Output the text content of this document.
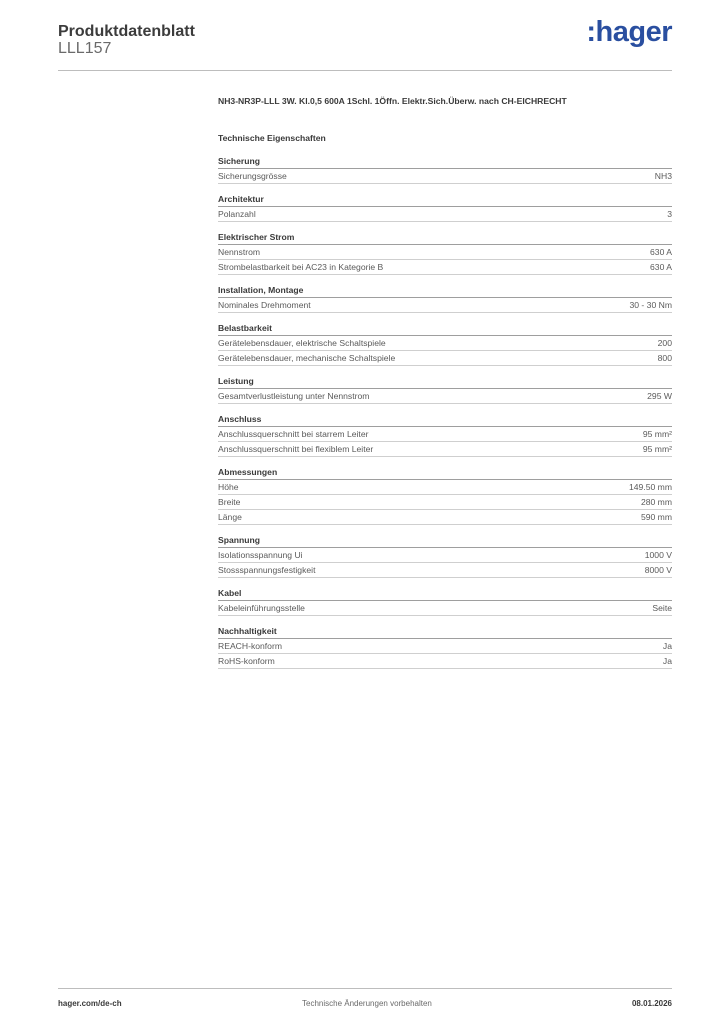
Produktdatenblatt
LLL157
:hager
NH3-NR3P-LLL 3W. Kl.0,5 600A 1Schl. 1Öffn. Elektr.Sich.Überw. nach CH-EICHRECHT
Technische Eigenschaften
Sicherung
Sicherungsgrösse	NH3
Architektur
Polanzahl	3
Elektrischer Strom
Nennstrom	630 A
Strombelastbarkeit bei AC23 in Kategorie B	630 A
Installation, Montage
Nominales Drehmoment	30 - 30 Nm
Belastbarkeit
Gerätelebensdauer, elektrische Schaltspiele	200
Gerätelebensdauer, mechanische Schaltspiele	800
Leistung
Gesamtverlustleistung unter Nennstrom	295 W
Anschluss
Anschlussquerschnitt bei starrem Leiter	95 mm²
Anschlussquerschnitt bei flexiblem Leiter	95 mm²
Abmessungen
Höhe	149.50 mm
Breite	280 mm
Länge	590 mm
Spannung
Isolationsspannung Ui	1000 V
Stossspannungsfestigkeit	8000 V
Kabel
Kabeleinführungsstelle	Seite
Nachhaltigkeit
REACH-konform	Ja
RoHS-konform	Ja
hager.com/de-ch	Technische Änderungen vorbehalten	08.01.2026
